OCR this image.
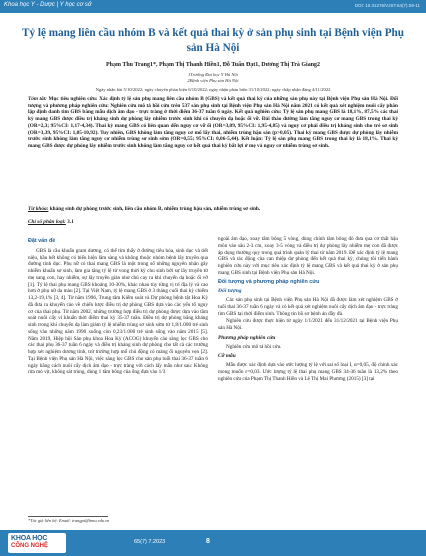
Khoa học Y - Dược | Y học cơ sở	DOI: 10.31276/VJST.64(7).08-11
Tỷ lệ mang liên cầu nhóm B và kết quả thai kỳ ở sản phụ sinh tại Bệnh viện Phụ sản Hà Nội
Phạm Thu Trang1*, Phạm Thị Thanh Hiền1, Đỗ Tuấn Đạt1, Dương Thị Trà Giang2
1Trường Đại học Y Hà Nội
2Bệnh viện Phụ sản Hà Nội
Ngày nhận bài 5/10/2022; ngày chuyển phản biện 6/10/2022; ngày nhận phản biện 31/10/2022; ngày chấp nhận đăng 4/11/2022
Tóm tắt: Mục tiêu nghiên cứu: Xác định tỷ lệ sản phụ mang liên cầu nhóm B (GBS) và kết quả thai kỳ của những sản phụ này tại Bệnh viện Phụ sản Hà Nội. Đối tượng và phương pháp nghiên cứu: Nghiên cứu mô tả hồi cứu trên 537 sản phụ sinh tại Bệnh viện Phụ sản Hà Nội năm 2021 có kết quả xét nghiệm nuôi cấy phân lập định danh tìm GBS bằng mẫu dịch âm đạo - trực tràng ở thời điểm 36-37 tuần 6 ngày. Kết quả nghiên cứu: Tỷ lệ sản phụ mang GBS là 18,1%, 87,5% các thai kỳ mang GBS được điều trị kháng sinh dự phòng lây nhiễm trước sinh khi có chuyển dạ hoặc ối vỡ. Đái tháo đường làm tăng nguy cơ mang GBS trong thai kỳ (OR=2,3; 95%CI: 1,17-4,34). Thai kỳ mang GBS có liên quan đến nguy cơ vỡ ối (OR=3,09, 95%CI: 1,95-4,85) và nguy cơ phải điều trị kháng sinh cho trẻ sơ sinh (OR=3,39, 95%CI: 1,05-10,92). Tuy nhiên, GBS không làm tăng nguy cơ mổ lấy thai, nhiễm trùng hậu sản (p>0,05). Thai kỳ mang GBS được dự phòng lây nhiễm trước sinh không làm tăng nguy cơ nhiễm trùng sơ sinh sớm (OR=0,55; 95%CI: 0,06-5,44). Kết luận: Tỷ lệ sản phụ mang GBS trong thai kỳ là 18,1%. Thai kỳ mang GBS được dự phòng lây nhiễm trước sinh không làm tăng nguy cơ kết quả thai kỳ bất lợi ở mẹ và nguy cơ nhiễm trùng sơ sinh.
Từ khóa: kháng sinh dự phòng trước sinh, liên cầu nhóm B, nhiễm trùng hậu sản, nhiễm trùng sơ sinh.
Chỉ số phân loại: 3.1
Đặt vấn đề

GBS là cầu khuẩn gram dương, có thể tìm thấy ở đường tiêu hóa, sinh dục và tiết niệu, hầu hết không có biểu hiện lâm sàng và không thuộc nhóm bệnh lây truyền qua đường tình dục. Phụ nữ có thai mang GBS là một trong số những nguyên nhân gây nhiễm khuẩn sơ sinh, làm gia tăng tỷ lệ tử vong thời kỳ chu sinh bởi sự lây truyền từ mẹ sang con, hay nhiễm, sự lây truyền gián như chủ cay ra khi chuyển dạ hoặc ối vỡ [1]. Tỷ lệ thai phụ mang GBS khoảng 10-30%, khác nhau tùy từng vị trí địa lý và cao hơn ở phụ nữ da màu [2]. Tại Việt Nam, tỷ lệ mang GBS ở 3 tháng cuối thai kỳ chiếm 13,2-19,1% [3, 4]. Từ năm 1996, Trung tâm Kiểm soát và Dự phòng bệnh tật Hoa Kỳ đã đưa ra khuyến cáo về chiến lược điều trị dự phòng GBS dựa vào các yếu tố nguy cơ của thai phụ. Từ năm 2002, những trường hợp điều trị dự phòng được dựa vào tầm soát nuôi cấy vi khuẩn thời điểm thai kỳ 35-37 tuần. Điều trị dự phòng bằng kháng sinh trong khi chuyển dạ làm giảm tỷ lệ nhiễm trùng sơ sinh sớm từ 1,8/1.000 trẻ sinh sống vào những năm 1990 xuống còn 0,23/1.000 trẻ sinh sống vào năm 2015 [5]. Năm 2019, Hiệp hội Sản phụ khoa Hoa Kỳ (ACOG) khuyến cáo sàng lọc GBS cho các thai phụ 36-37 tuần 6 ngày và điều trị kháng sinh dự phòng cho tất cả các trường hợp xét nghiệm dương tính, trừ trường hợp mổ chủ động có màng ối nguyên vẹn [2]. Tại Bệnh viện Phụ sản Hà Nội, việc sàng lọc GBS cho sản phụ tuổi thai 36-37 tuần 6 ngày bằng cách nuôi cấy dịch âm đạo - trực tràng với cách lấy mẫu như sau: Không rửa mỏ vịt, không sát trùng, dùng 1 tăm bông của ống đựa vào 1/3

ngoài âm đạo, xoay tăm bông 5 vòng, dùng chính tăm bông đó đưa qua cơ thắt hậu môn vào sâu 2-3 cm, xoay 3-5 vòng và điều trị dự phòng lây nhiễm mẹ con đã được áp dụng thường quy trong quá trình quản lý thai từ năm 2019. Để xác định tỷ lệ mang GBS và tác động của can thiệp dự phòng đến kết quả thai kỳ, chúng tôi tiến hành nghiên cứu này với mục tiêu xác định tỷ lệ mang GBS và kết quả thai kỳ ở sản phụ mang GBS sinh tại Bệnh viện Phụ sản Hà Nội.

Đối tượng và phương pháp nghiên cứu
Đối tượng

Các sản phụ sinh tại Bệnh viện Phụ sản Hà Nội đã được làm xét nghiệm GBS ở tuổi thai 36-37 tuần 6 ngày và có kết quả xét nghiệm nuôi cấy dịch âm đạo - trực tràng tìm GBS tại thời điểm sinh. Thông tin hồ sơ bệnh án đầy đủ.

Nghiên cứu được thực hiện từ ngày 1/1/2021 đến 31/12/2021 tại Bệnh viện Phụ sản Hà Nội.

Phương pháp nghiên cứu

Nghiên cứu mô tả hồi cứu.

Cỡ mẫu

Mẫu được xác định dựa vào ước lượng tỷ lệ với sai số loại I, α=0,05, độ chính xác mong muốn ε=0,03. Ước lượng tỷ lệ thai phụ mang GBS 34-36 tuần là 13,2% theo nghiên cứu của Phạm Thị Thanh Hiền và Lê Thị Mai Phương (2015) [3] tại

*Tác giả liên hệ: Email: trangpt@hmu.edu.vn
KHOA HỌC
CÔNG NGHỆ
65(7) 7.2023	8
